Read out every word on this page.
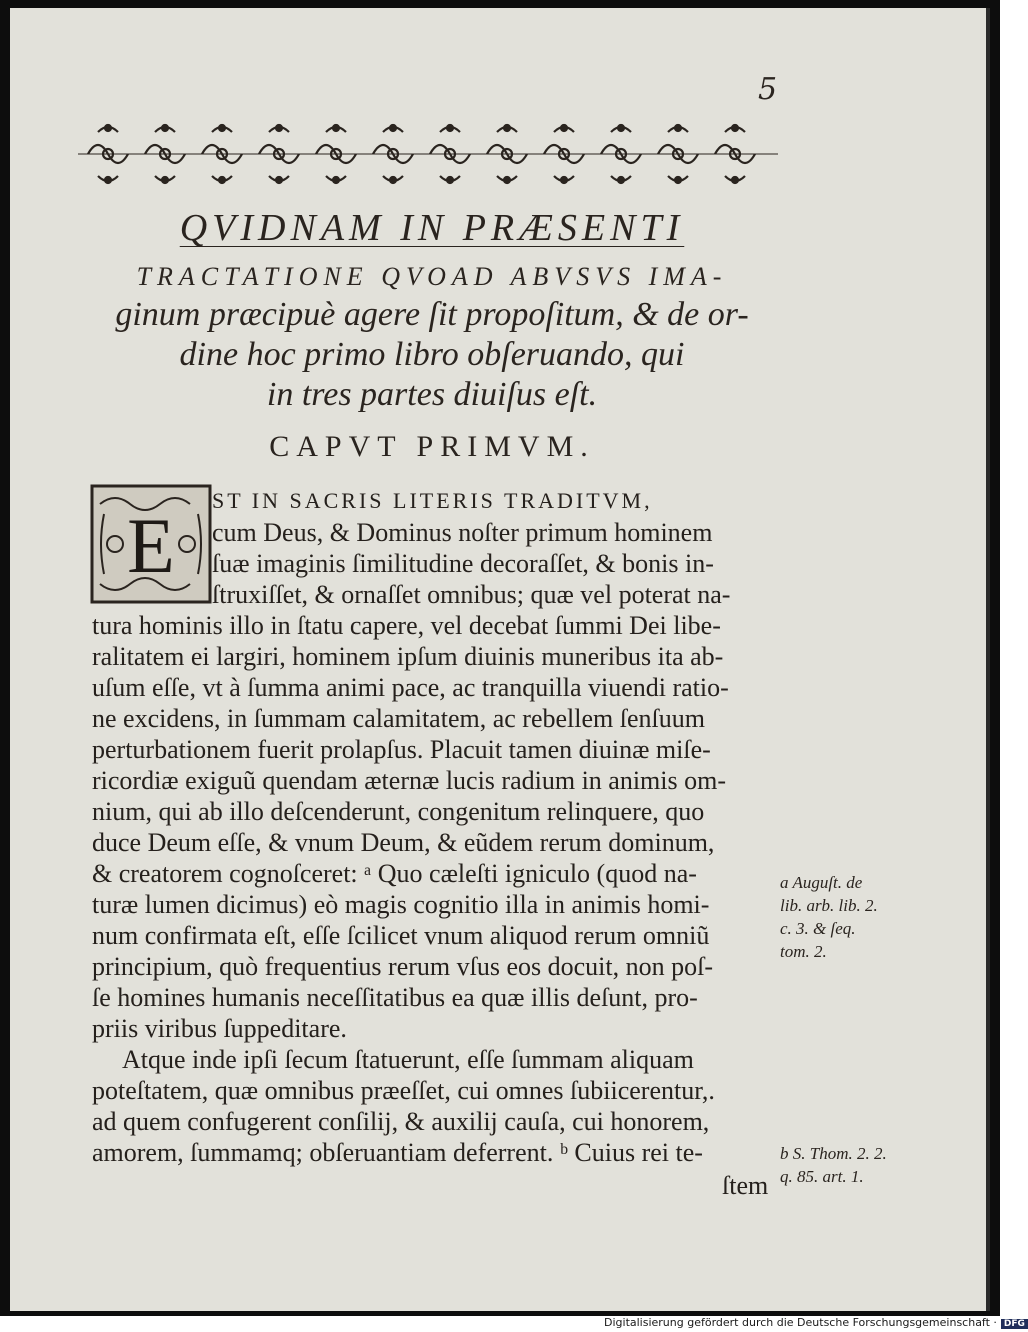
5
QVIDNAM IN PRÆSENTI
TRACTATIONE QVOAD ABVSVS IMA-
ginum præcipuè agere ſit propoſitum, & de or-
dine hoc primo libro obſeruando, qui
in tres partes diuiſus eſt.
CAPVT PRIMVM.
E
ST IN SACRIS LITERIS TRADITVM,
cum Deus, & Dominus noſter primum hominem
ſuæ imaginis ſimilitudine decoraſſet, & bonis in-
ſtruxiſſet, & ornaſſet omnibus; quæ vel poterat na-
tura hominis illo in ſtatu capere, vel decebat ſummi Dei libe-
ralitatem ei largiri, hominem ipſum diuinis muneribus ita ab-
uſum eſſe, vt à ſumma animi pace, ac tranquilla viuendi ratio-
ne excidens, in ſummam calamitatem, ac rebellem ſenſuum
perturbationem fuerit prolapſus. Placuit tamen diuinæ miſe-
ricordiæ exiguũ quendam æternæ lucis radium in animis om-
nium, qui ab illo deſcenderunt, congenitum relinquere, quo
duce Deum eſſe, & vnum Deum, & eũdem rerum dominum,
& creatorem cognoſceret: ᵃ Quo cæleſti igniculo (quod na-
turæ lumen dicimus) eò magis cognitio illa in animis homi-
num confirmata eſt, eſſe ſcilicet vnum aliquod rerum omniũ
principium, quò frequentius rerum vſus eos docuit, non poſ-
ſe homines humanis neceſſitatibus ea quæ illis deſunt, pro-
priis viribus ſuppeditare.
Atque inde ipſi ſecum ſtatuerunt, eſſe ſummam aliquam
poteſtatem, quæ omnibus præeſſet, cui omnes ſubiicerentur,.
ad quem confugerent conſilij, & auxilij cauſa, cui honorem,
amorem, ſummamq; obſeruantiam deferrent. ᵇ Cuius rei te-
ſtem
a Auguſt. de
lib. arb. lib. 2.
c. 3. & ſeq.
tom. 2.
b S. Thom. 2. 2.
q. 85. art. 1.
Digitalisierung gefördert durch die Deutsche Forschungsgemeinschaft · DFG
